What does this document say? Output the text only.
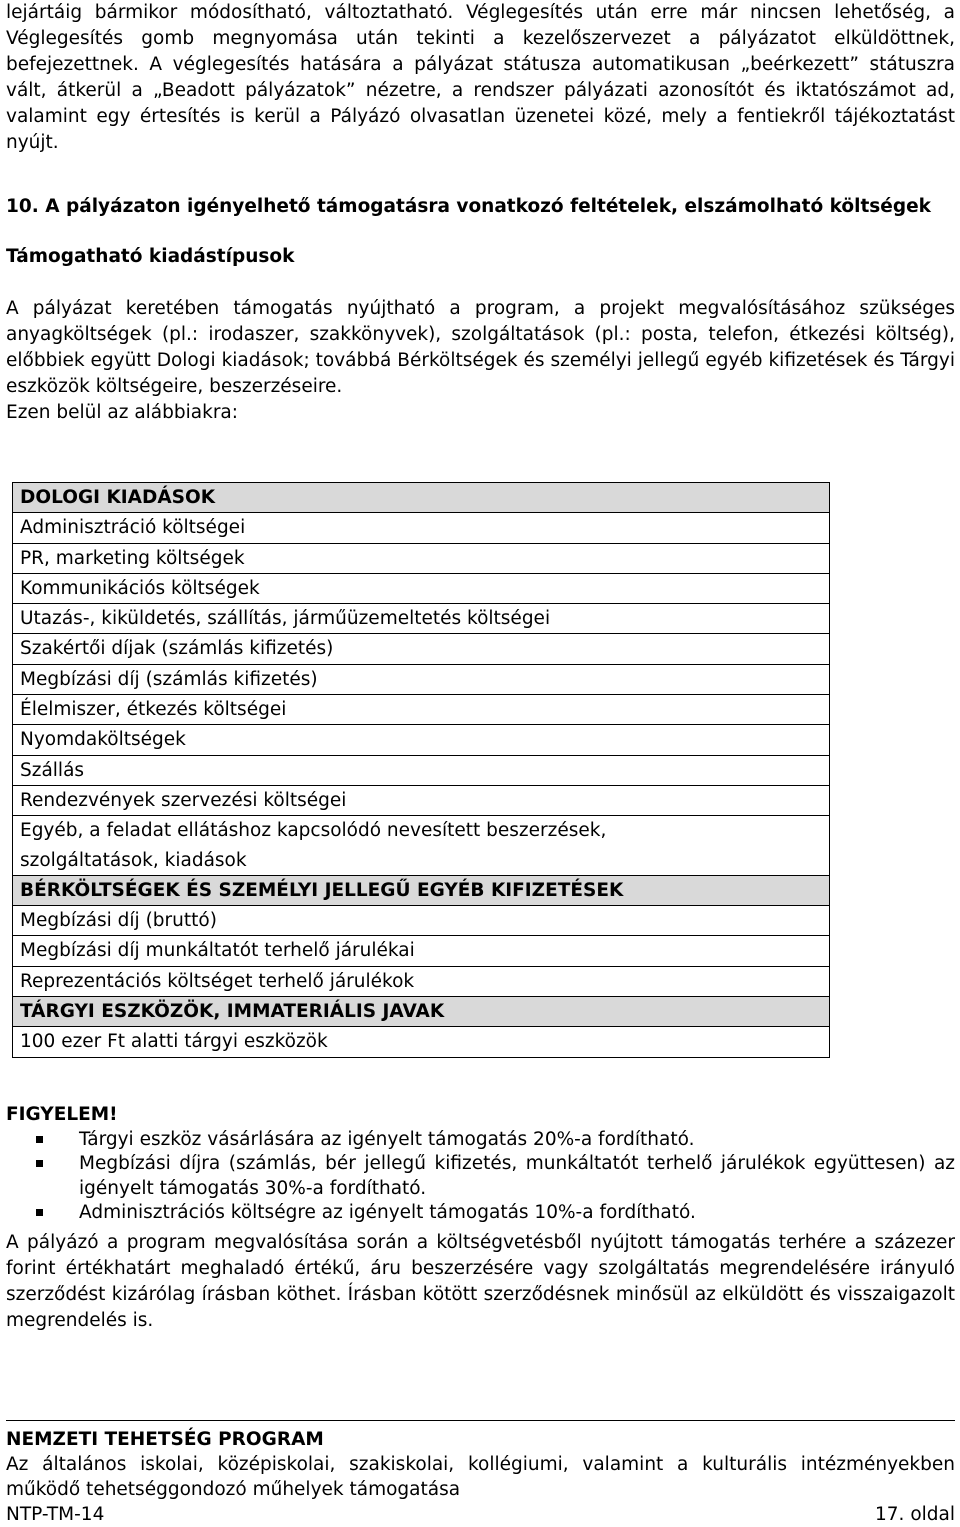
lejártáig bármikor módosítható, változtatható. Véglegesítés után erre már nincsen lehetőség, a Véglegesítés gomb megnyomása után tekinti a kezelőszervezet a pályázatot elküldöttnek, befejezettnek. A véglegesítés hatására a pályázat státusza automatikusan „beérkezett” státuszra vált, átkerül a „Beadott pályázatok” nézetre, a rendszer pályázati azonosítót és iktatószámot ad, valamint egy értesítés is kerül a Pályázó olvasatlan üzenetei közé, mely a fentiekről tájékoztatást nyújt.

10. A pályázaton igényelhető támogatásra vonatkozó feltételek, elszámolható költségek

Támogatható kiadástípusok

A pályázat keretében támogatás nyújtható a program, a projekt megvalósításához szükséges anyagköltségek (pl.: irodaszer, szakkönyvek), szolgáltatások (pl.: posta, telefon, étkezési költség), előbbiek együtt Dologi kiadások; továbbá Bérköltségek és személyi jellegű egyéb kifizetések és Tárgyi eszközök költségeire, beszerzéseire.

Ezen belül az alábbiakra:

DOLOGI KIADÁSOK
Adminisztráció költségei
PR, marketing költségek
Kommunikációs költségek
Utazás-, kiküldetés, szállítás, járműüzemeltetés költségei
Szakértői díjak (számlás kifizetés)
Megbízási díj (számlás kifizetés)
Élelmiszer, étkezés költségei
Nyomdaköltségek
Szállás
Rendezvények szervezési költségei
Egyéb, a feladat ellátáshoz kapcsolódó nevesített beszerzések, szolgáltatások, kiadások
BÉRKÖLTSÉGEK ÉS SZEMÉLYI JELLEGŰ EGYÉB KIFIZETÉSEK
Megbízási díj (bruttó)
Megbízási díj munkáltatót terhelő járulékai
Reprezentációs költséget terhelő járulékok
TÁRGYI ESZKÖZÖK, IMMATERIÁLIS JAVAK
100 ezer Ft alatti tárgyi eszközök

FIGYELEM!

Tárgyi eszköz vásárlására az igényelt támogatás 20%-a fordítható.
Megbízási díjra (számlás, bér jellegű kifizetés, munkáltatót terhelő járulékok együttesen) az igényelt támogatás 30%-a fordítható.
Adminisztrációs költségre az igényelt támogatás 10%-a fordítható.

A pályázó a program megvalósítása során a költségvetésből nyújtott támogatás terhére a százezer forint értékhatárt meghaladó értékű, áru beszerzésére vagy szolgáltatás megrendelésére irányuló szerződést kizárólag írásban köthet. Írásban kötött szerződésnek minősül az elküldött és visszaigazolt megrendelés is.

NEMZETI TEHETSÉG PROGRAM

Az általános iskolai, középiskolai, szakiskolai, kollégiumi, valamint a kulturális intézményekben működő tehetséggondozó műhelyek támogatása

NTP-TM-14	17. oldal
